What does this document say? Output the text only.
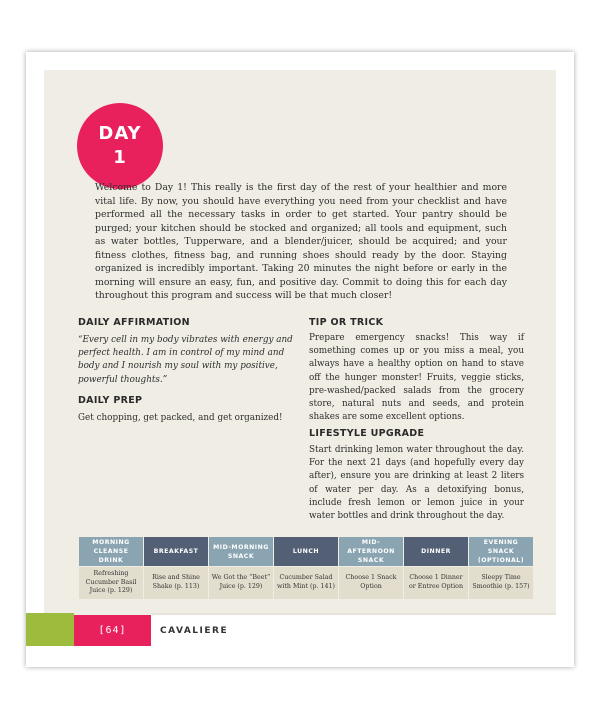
DAY
1

Welcome to Day 1! This really is the first day of the rest of your healthier and more vital life. By now, you should have everything you need from your checklist and have performed all the necessary tasks in order to get started. Your pantry should be purged; your kitchen should be stocked and organized; all tools and equipment, such as water bottles, Tupperware, and a blender/juicer, should be acquired; and your fitness clothes, fitness bag, and running shoes should ready by the door. Staying organized is incredibly important. Taking 20 minutes the night before or early in the morning will ensure an easy, fun, and positive day. Commit to doing this for each day throughout this program and success will be that much closer!

DAILY AFFIRMATION

“Every cell in my body vibrates with energy and perfect health. I am in control of my mind and body and I nourish my soul with my positive, powerful thoughts.”

DAILY PREP

Get chopping, get packed, and get organized!

TIP OR TRICK

Prepare emergency snacks! This way if something comes up or you miss a meal, you always have a healthy option on hand to stave off the hunger monster! Fruits, veggie sticks, pre-washed/packed salads from the grocery store, natural nuts and seeds, and protein shakes are some excellent options.

LIFESTYLE UPGRADE

Start drinking lemon water throughout the day. For the next 21 days (and hopefully every day after), ensure you are drinking at least 2 liters of water per day. As a detoxifying bonus, include fresh lemon or lemon juice in your water bottles and drink throughout the day.

MORNING CLEANSE DRINK	BREAKFAST	MID-MORNING SNACK	LUNCH	MID-AFTERNOON SNACK	DINNER	EVENING SNACK (OPTIONAL)
Refreshing Cucumber Basil Juice (p. 129)	Rise and Shine Shake (p. 113)	We Got the “Beet” Juice (p. 129)	Cucumber Salad with Mint (p. 141)	Choose 1 Snack Option	Choose 1 Dinner or Entree Option	Sleepy Time Smoothie (p. 157)
[64]	CAVALIERE
